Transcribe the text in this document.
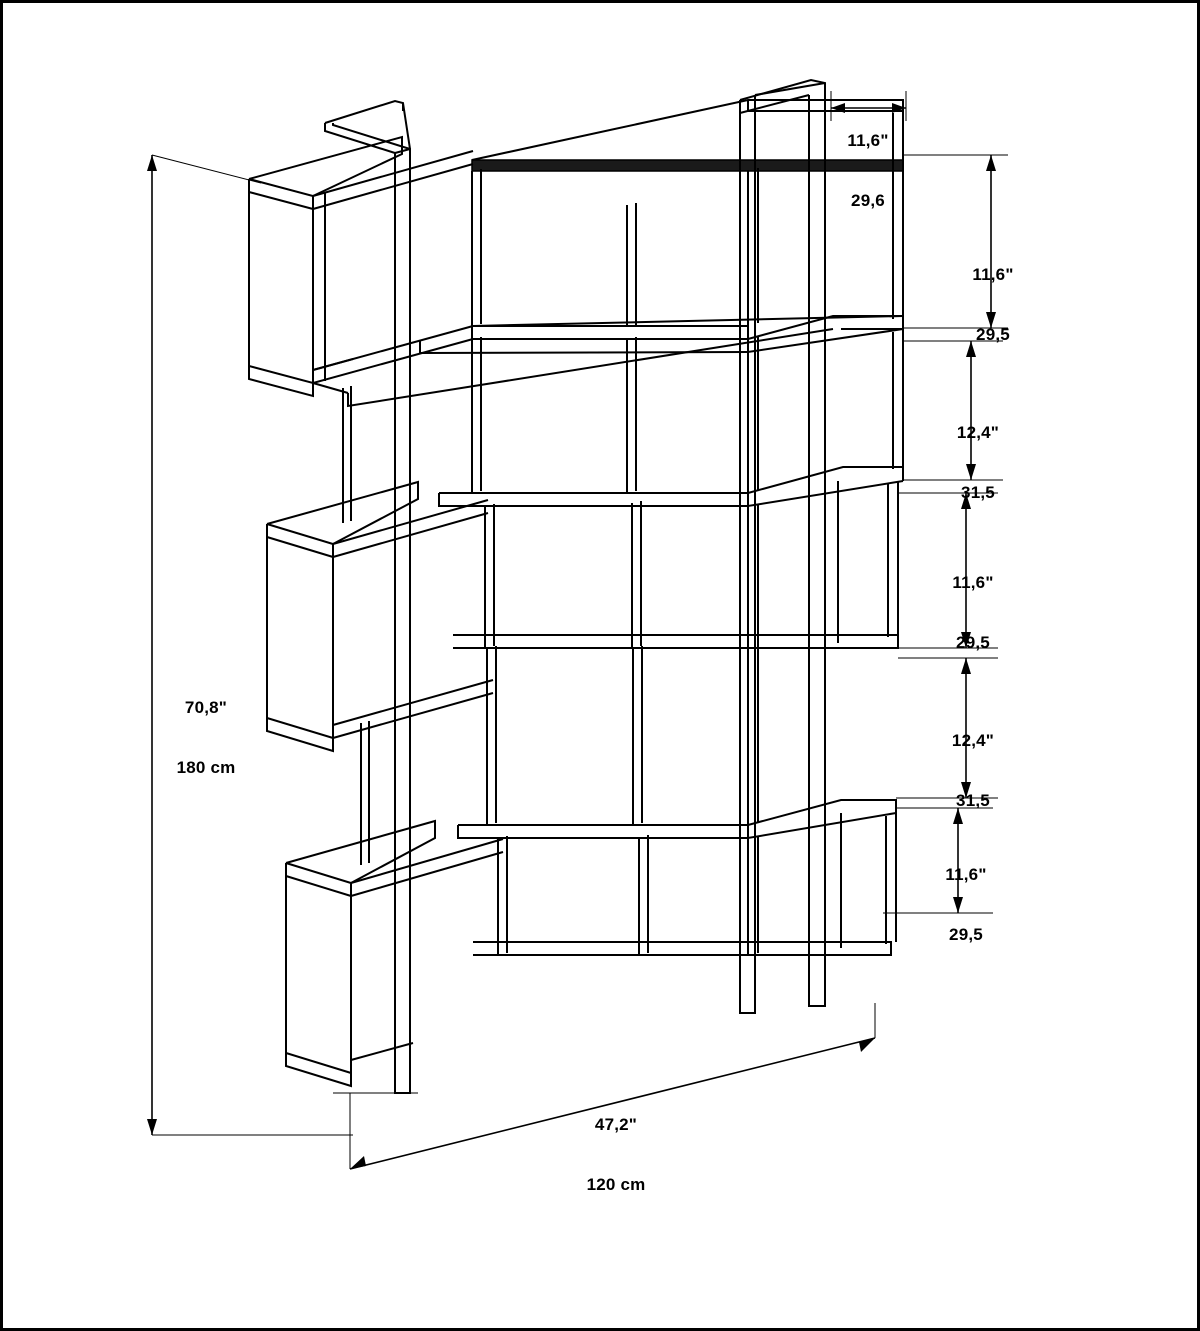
70,8"

180 cm

47,2"

120 cm

11,6"

29,6

11,6"

29,5

12,4"

31,5

11,6"

29,5

12,4"

31,5

11,6"

29,5
